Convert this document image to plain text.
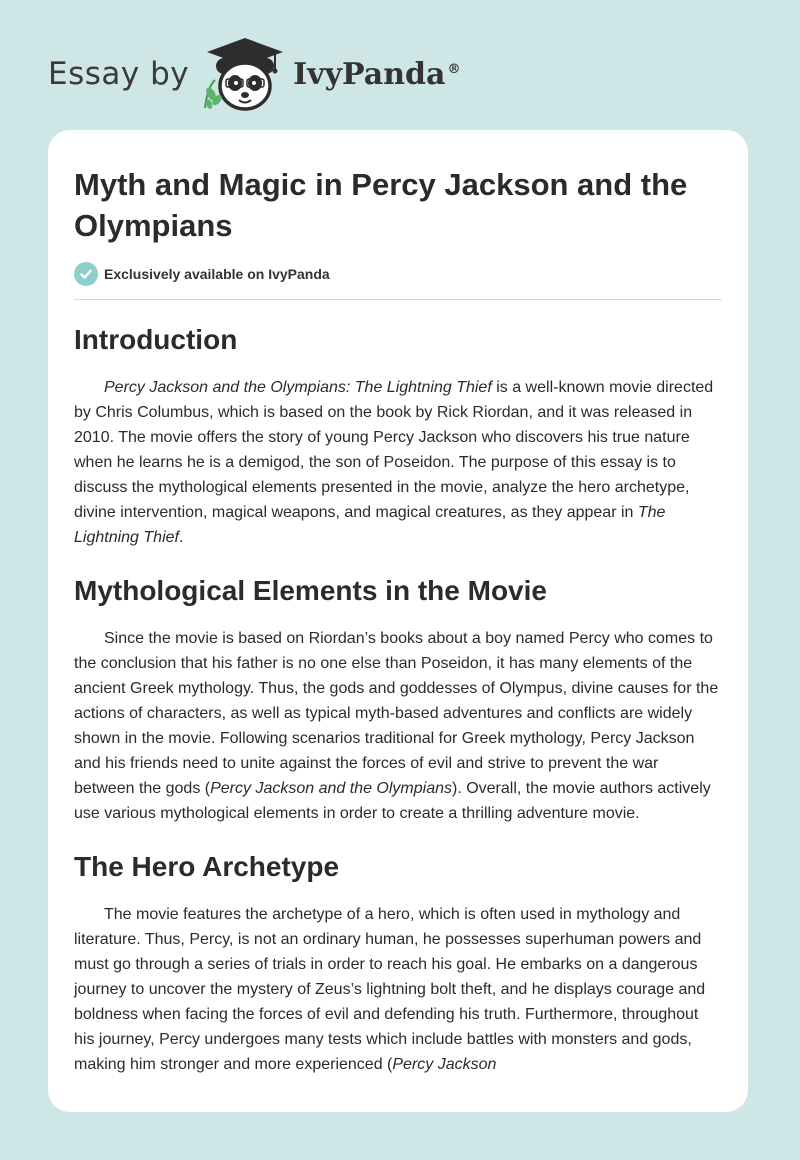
Essay by	IvyPanda ®
Myth and Magic in Percy Jackson and the Olympians
Exclusively available on IvyPanda
Introduction

Percy Jackson and the Olympians: The Lightning Thief is a well-known movie directed by Chris Columbus, which is based on the book by Rick Riordan, and it was released in 2010. The movie offers the story of young Percy Jackson who discovers his true nature when he learns he is a demigod, the son of Poseidon. The purpose of this essay is to discuss the mythological elements presented in the movie, analyze the hero archetype, divine intervention, magical weapons, and magical creatures, as they appear in The Lightning Thief.

Mythological Elements in the Movie

Since the movie is based on Riordan’s books about a boy named Percy who comes to the conclusion that his father is no one else than Poseidon, it has many elements of the ancient Greek mythology. Thus, the gods and goddesses of Olympus, divine causes for the actions of characters, as well as typical myth-based adventures and conflicts are widely shown in the movie. Following scenarios traditional for Greek mythology, Percy Jackson and his friends need to unite against the forces of evil and strive to prevent the war between the gods (Percy Jackson and the Olympians). Overall, the movie authors actively use various mythological elements in order to create a thrilling adventure movie.

The Hero Archetype

The movie features the archetype of a hero, which is often used in mythology and literature. Thus, Percy, is not an ordinary human, he possesses superhuman powers and must go through a series of trials in order to reach his goal. He embarks on a dangerous journey to uncover the mystery of Zeus’s lightning bolt theft, and he displays courage and boldness when facing the forces of evil and defending his truth. Furthermore, throughout his journey, Percy undergoes many tests which include battles with monsters and gods, making him stronger and more experienced (Percy Jackson
